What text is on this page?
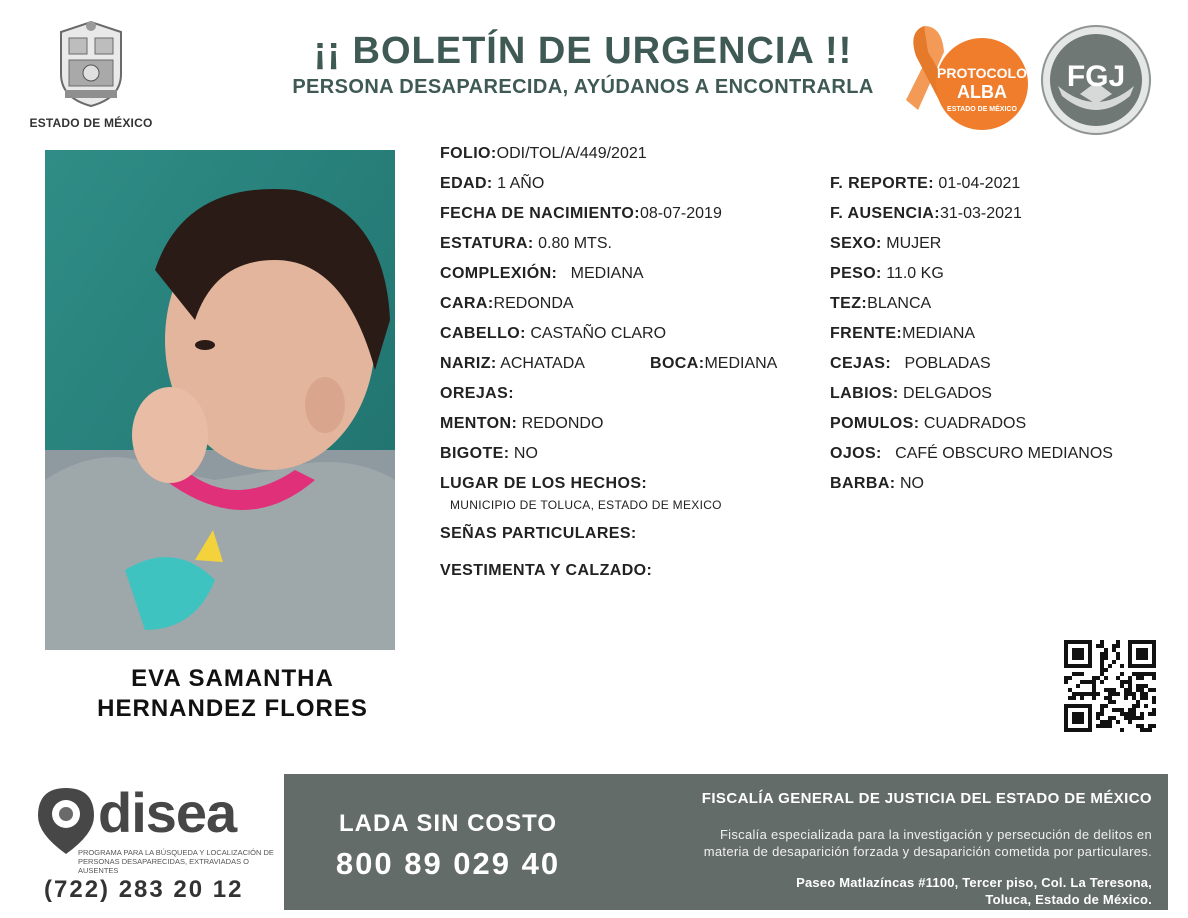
ESTADO DE MÉXICO
¡¡ BOLETÍN DE URGENCIA !!
PERSONA DESAPARECIDA, AYÚDANOS A ENCONTRARLA
PROTOCOLO
ALBA
ESTADO DE MÉXICO
FGJ
EVA SAMANTHA
HERNANDEZ FLORES
FOLIO:ODI/TOL/A/449/2021
EDAD: 1 AÑO
FECHA DE NACIMIENTO:08-07-2019
ESTATURA: 0.80 MTS.
COMPLEXIÓN: MEDIANA
CARA:REDONDA
CABELLO: CASTAÑO CLARO
NARIZ: ACHATADA	BOCA:MEDIANA
OREJAS:
MENTON: REDONDO
BIGOTE: NO
LUGAR DE LOS HECHOS:
MUNICIPIO DE TOLUCA, ESTADO DE MEXICO
SEÑAS PARTICULARES:
VESTIMENTA Y CALZADO:
F. REPORTE: 01-04-2021
F. AUSENCIA:31-03-2021
SEXO: MUJER
PESO: 11.0 KG
TEZ:BLANCA
FRENTE:MEDIANA
CEJAS: POBLADAS
LABIOS: DELGADOS
POMULOS: CUADRADOS
OJOS: CAFÉ OBSCURO MEDIANOS
BARBA: NO
disea
PROGRAMA PARA LA BÚSQUEDA Y LOCALIZACIÓN DE PERSONAS DESAPARECIDAS, EXTRAVIADAS O AUSENTES
(722) 283 20 12
LADA SIN COSTO
800 89 029 40
FISCALÍA GENERAL DE JUSTICIA DEL ESTADO DE MÉXICO
Fiscalía especializada para la investigación y persecución de delitos en
materia de desaparición forzada y desaparición cometida por particulares.
Paseo Matlazíncas #1100, Tercer piso, Col. La Teresona,
Toluca, Estado de México.
